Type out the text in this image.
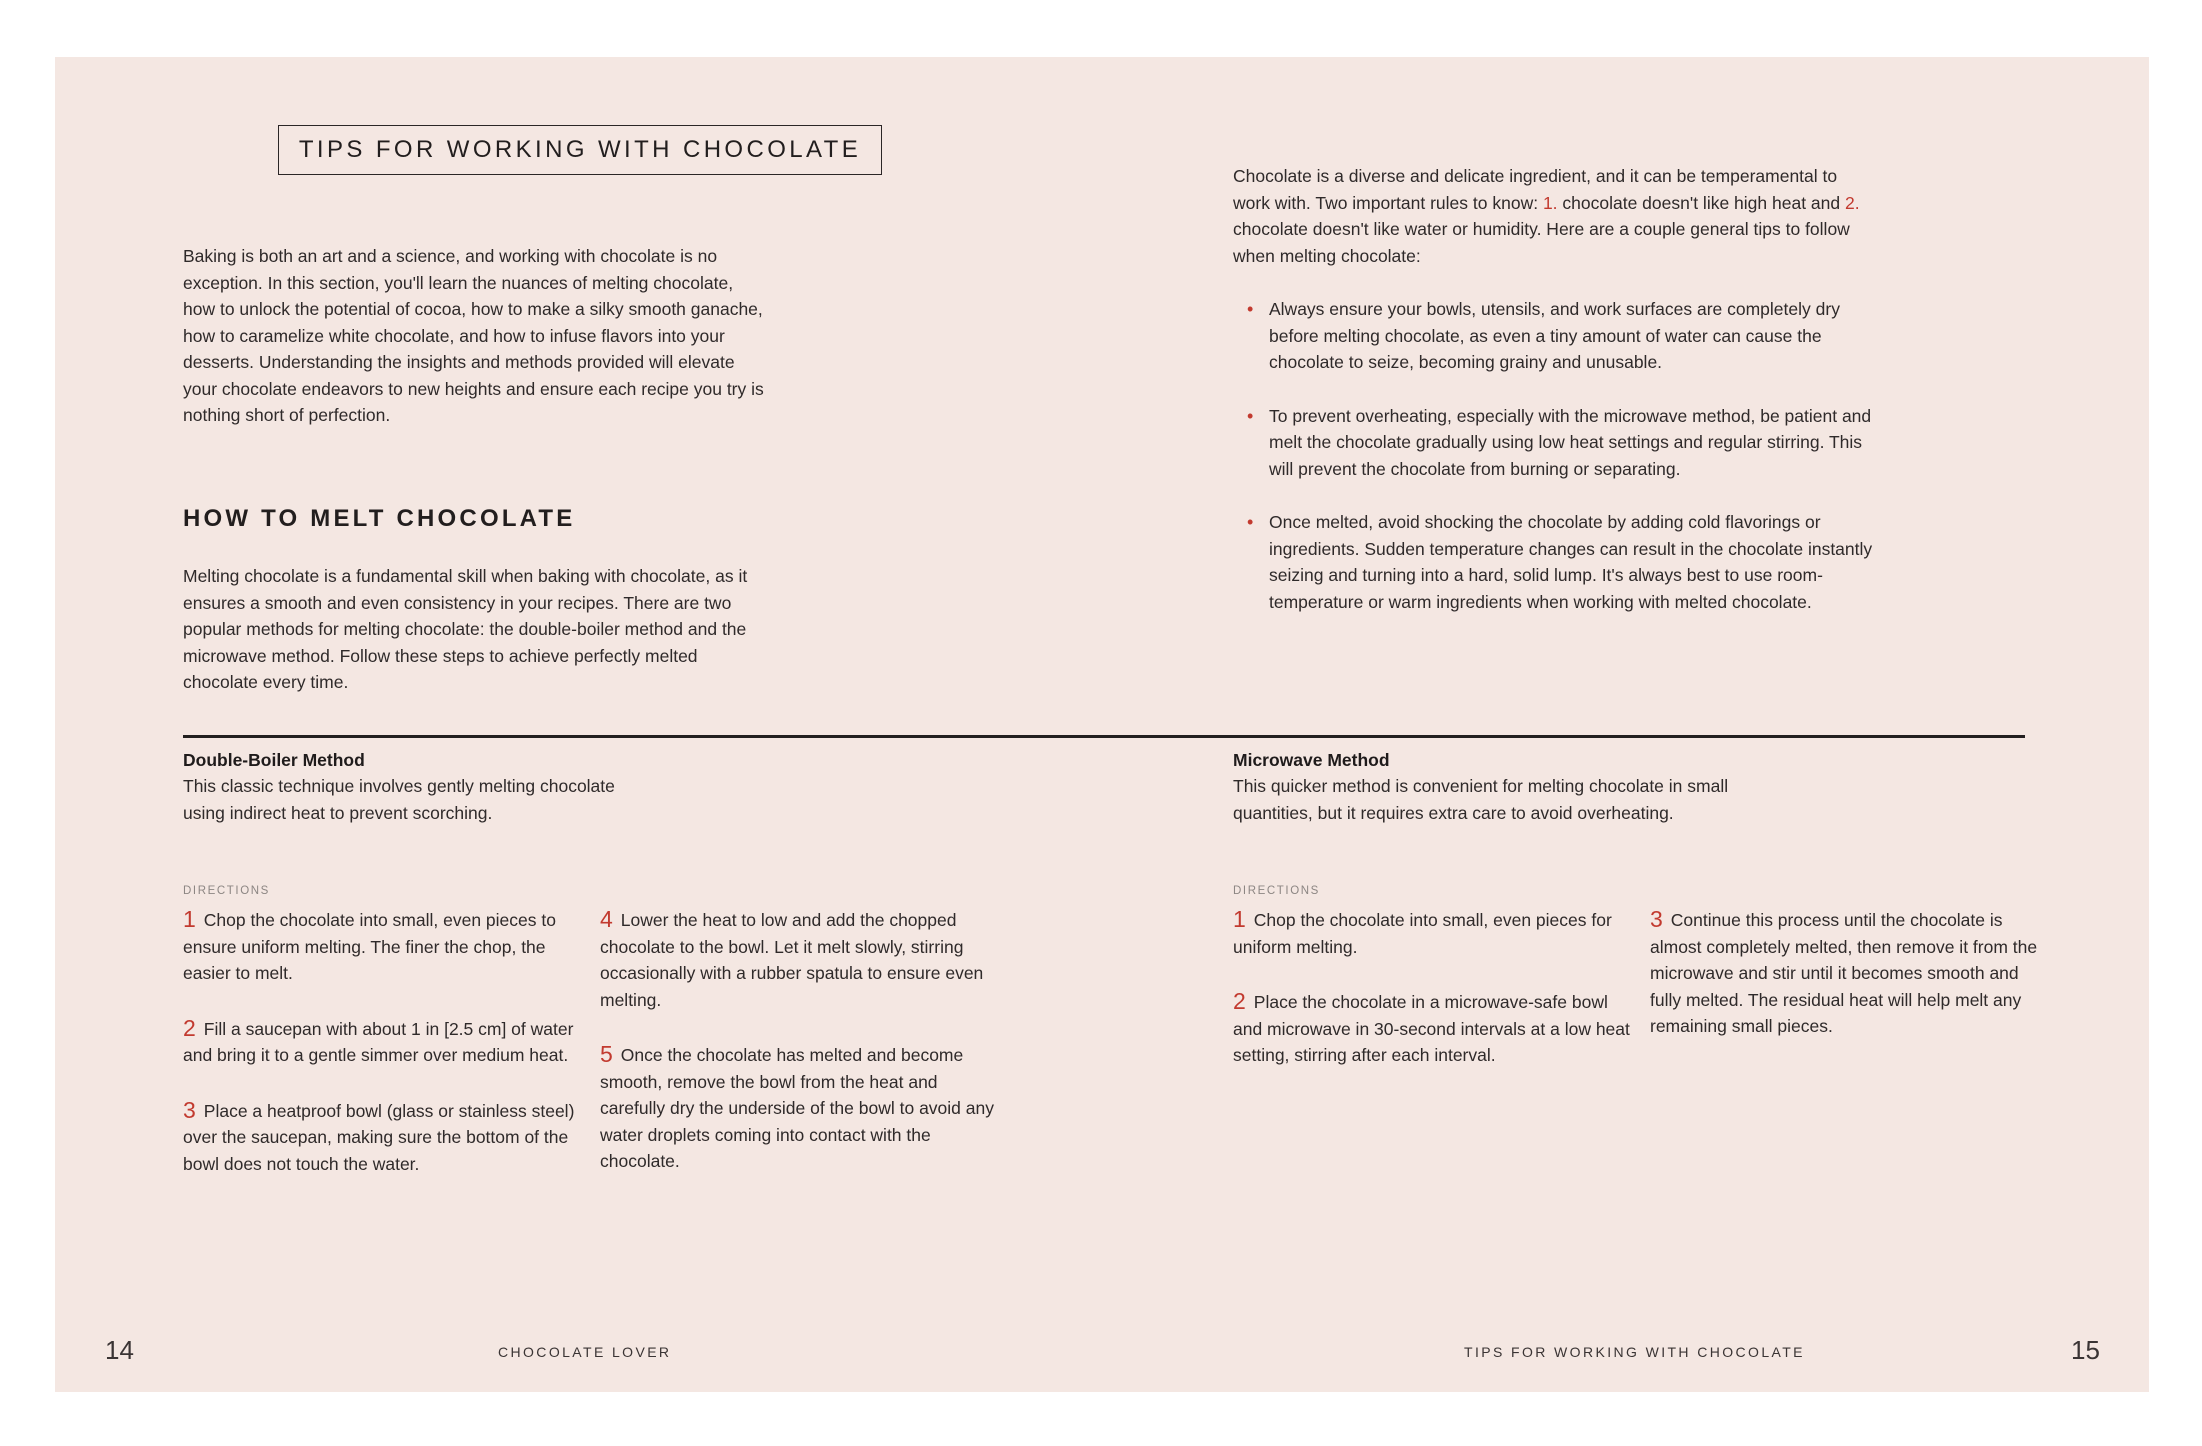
TIPS FOR WORKING WITH CHOCOLATE

Baking is both an art and a science, and working with chocolate is no exception. In this section, you'll learn the nuances of melting chocolate, how to unlock the potential of cocoa, how to make a silky smooth ganache, how to caramelize white chocolate, and how to infuse flavors into your desserts. Understanding the insights and methods provided will elevate your chocolate endeavors to new heights and ensure each recipe you try is nothing short of perfection.

HOW TO MELT CHOCOLATE

Melting chocolate is a fundamental skill when baking with chocolate, as it ensures a smooth and even consistency in your recipes. There are two popular methods for melting chocolate: the double-boiler method and the microwave method. Follow these steps to achieve perfectly melted chocolate every time.

Chocolate is a diverse and delicate ingredient, and it can be temperamental to work with. Two important rules to know: 1. chocolate doesn't like high heat and 2. chocolate doesn't like water or humidity. Here are a couple general tips to follow when melting chocolate:

• Always ensure your bowls, utensils, and work surfaces are completely dry before melting chocolate, as even a tiny amount of water can cause the chocolate to seize, becoming grainy and unusable.
• To prevent overheating, especially with the microwave method, be patient and melt the chocolate gradually using low heat settings and regular stirring. This will prevent the chocolate from burning or separating.
• Once melted, avoid shocking the chocolate by adding cold flavorings or ingredients. Sudden temperature changes can result in the chocolate instantly seizing and turning into a hard, solid lump. It's always best to use room-temperature or warm ingredients when working with melted chocolate.

Double-Boiler Method

This classic technique involves gently melting chocolate using indirect heat to prevent scorching.

DIRECTIONS

1 Chop the chocolate into small, even pieces to ensure uniform melting. The finer the chop, the easier to melt.

2 Fill a saucepan with about 1 in [2.5 cm] of water and bring it to a gentle simmer over medium heat.

3 Place a heatproof bowl (glass or stainless steel) over the saucepan, making sure the bottom of the bowl does not touch the water.

4 Lower the heat to low and add the chopped chocolate to the bowl. Let it melt slowly, stirring occasionally with a rubber spatula to ensure even melting.

5 Once the chocolate has melted and become smooth, remove the bowl from the heat and carefully dry the underside of the bowl to avoid any water droplets coming into contact with the chocolate.

Microwave Method

This quicker method is convenient for melting chocolate in small quantities, but it requires extra care to avoid overheating.

DIRECTIONS

1 Chop the chocolate into small, even pieces for uniform melting.

2 Place the chocolate in a microwave-safe bowl and microwave in 30-second intervals at a low heat setting, stirring after each interval.

3 Continue this process until the chocolate is almost completely melted, then remove it from the microwave and stir until it becomes smooth and fully melted. The residual heat will help melt any remaining small pieces.

14	CHOCOLATE LOVER	TIPS FOR WORKING WITH CHOCOLATE	15
